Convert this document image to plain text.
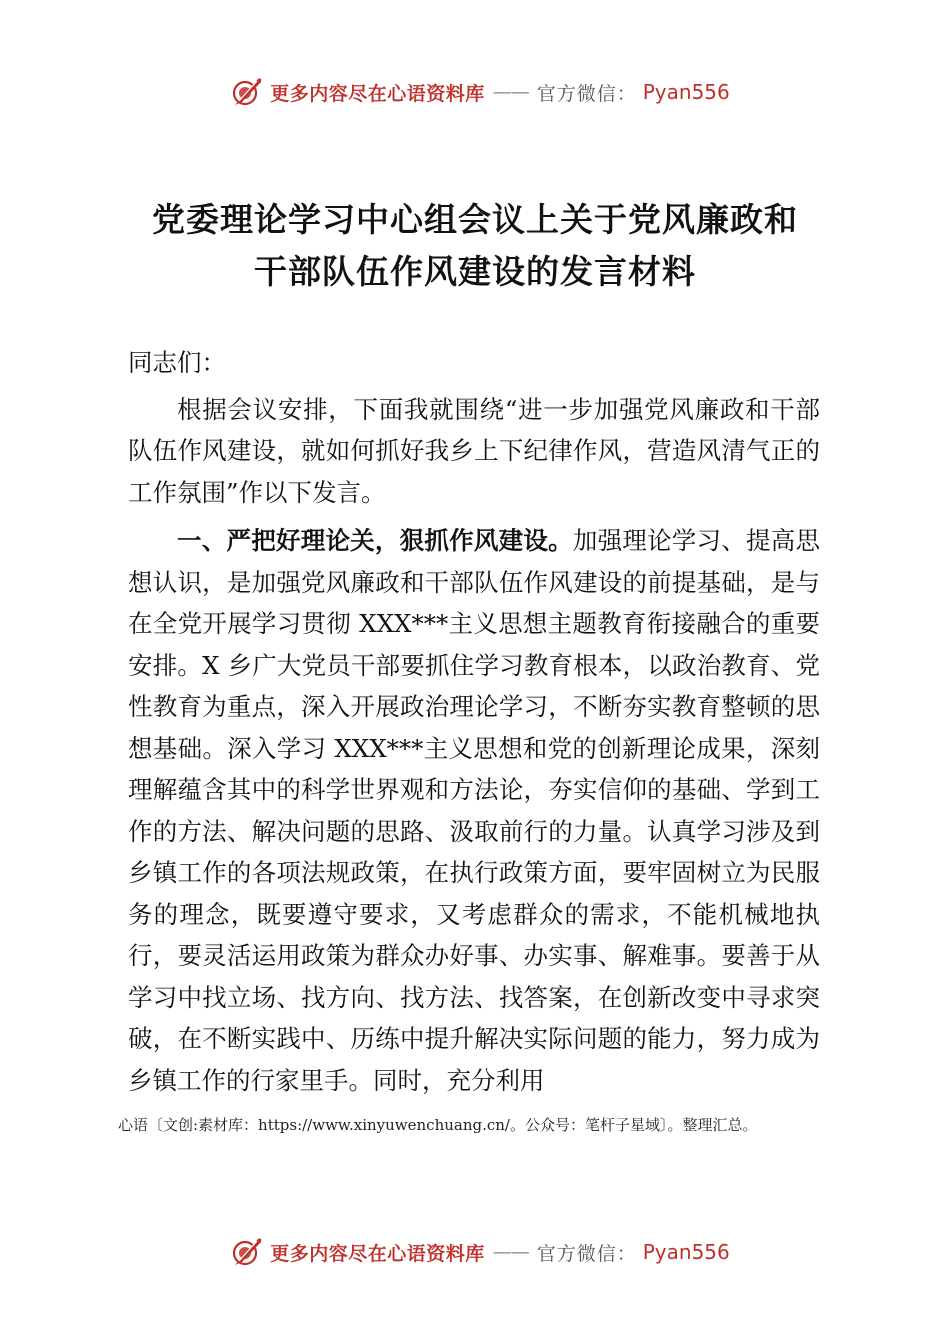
更多内容尽在心语资料库 —— 官方微信： Pyan556
党委理论学习中心组会议上关于党风廉政和
干部队伍作风建设的发言材料

同志们：

根据会议安排，下面我就围绕“进一步加强党风廉政和干部队伍作风建设，就如何抓好我乡上下纪律作风，营造风清气正的工作氛围”作以下发言。

一、严把好理论关，狠抓作风建设。加强理论学习、提高思想认识，是加强党风廉政和干部队伍作风建设的前提基础，是与在全党开展学习贯彻 XXX***主义思想主题教育衔接融合的重要安排。X 乡广大党员干部要抓住学习教育根本，以政治教育、党性教育为重点，深入开展政治理论学习，不断夯实教育整顿的思想基础。深入学习 XXX***主义思想和党的创新理论成果，深刻理解蕴含其中的科学世界观和方法论，夯实信仰的基础、学到工作的方法、解决问题的思路、汲取前行的力量。认真学习涉及到乡镇工作的各项法规政策，在执行政策方面，要牢固树立为民服务的理念，既要遵守要求，又考虑群众的需求，不能机械地执行，要灵活运用政策为群众办好事、办实事、解难事。要善于从学习中找立场、找方向、找方法、找答案，在创新改变中寻求突破，在不断实践中、历练中提升解决实际问题的能力，努力成为乡镇工作的行家里手。同时，充分利用

心语〔文创:素材库：https://www.xinyuwenchuang.cn/。公众号：笔杆子星域〕。整理汇总。
更多内容尽在心语资料库 —— 官方微信： Pyan556
